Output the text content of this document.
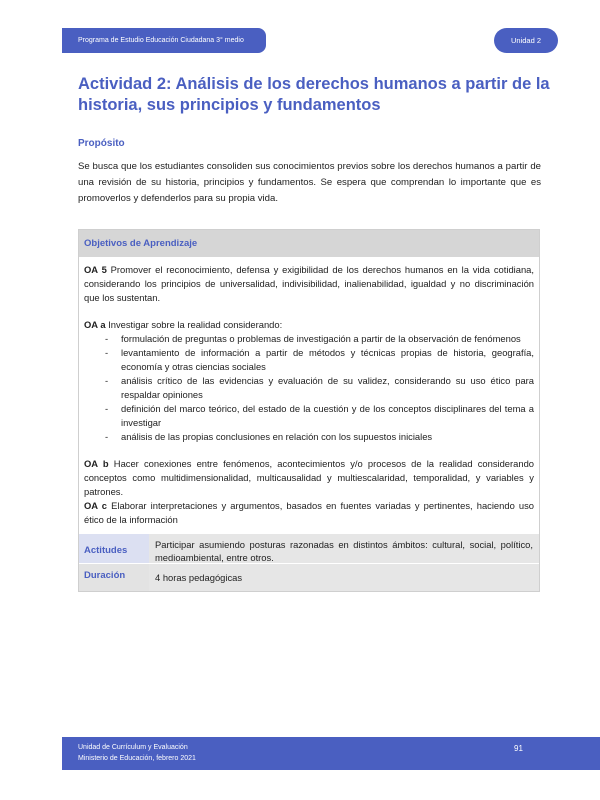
Programa de Estudio Educación Ciudadana 3° medio	Unidad 2
Actividad 2: Análisis de los derechos humanos a partir de la historia, sus principios y fundamentos
Propósito

Se busca que los estudiantes consoliden sus conocimientos previos sobre los derechos humanos a partir de una revisión de su historia, principios y fundamentos. Se espera que comprendan lo importante que es promoverlos y defenderlos para su propia vida.

Objetivos de Aprendizaje

OA 5 Promover el reconocimiento, defensa y exigibilidad de los derechos humanos en la vida cotidiana, considerando los principios de universalidad, indivisibilidad, inalienabilidad, igualdad y no discriminación que los sustentan.

OA a Investigar sobre la realidad considerando:

- formulación de preguntas o problemas de investigación a partir de la observación de fenómenos
- levantamiento de información a partir de métodos y técnicas propias de historia, geografía, economía y otras ciencias sociales
- análisis crítico de las evidencias y evaluación de su validez, considerando su uso ético para respaldar opiniones
- definición del marco teórico, del estado de la cuestión y de los conceptos disciplinares del tema a investigar
- análisis de las propias conclusiones en relación con los supuestos iniciales

OA b Hacer conexiones entre fenómenos, acontecimientos y/o procesos de la realidad considerando conceptos como multidimensionalidad, multicausalidad y multiescalaridad, temporalidad, y variables y patrones.

OA c Elaborar interpretaciones y argumentos, basados en fuentes variadas y pertinentes, haciendo uso ético de la información

Actitudes
Participar asumiendo posturas razonadas en distintos ámbitos: cultural, social, político, medioambiental, entre otros.
Duración	4 horas pedagógicas
Unidad de Currículum y Evaluación
Ministerio de Educación, febrero 2021
91
